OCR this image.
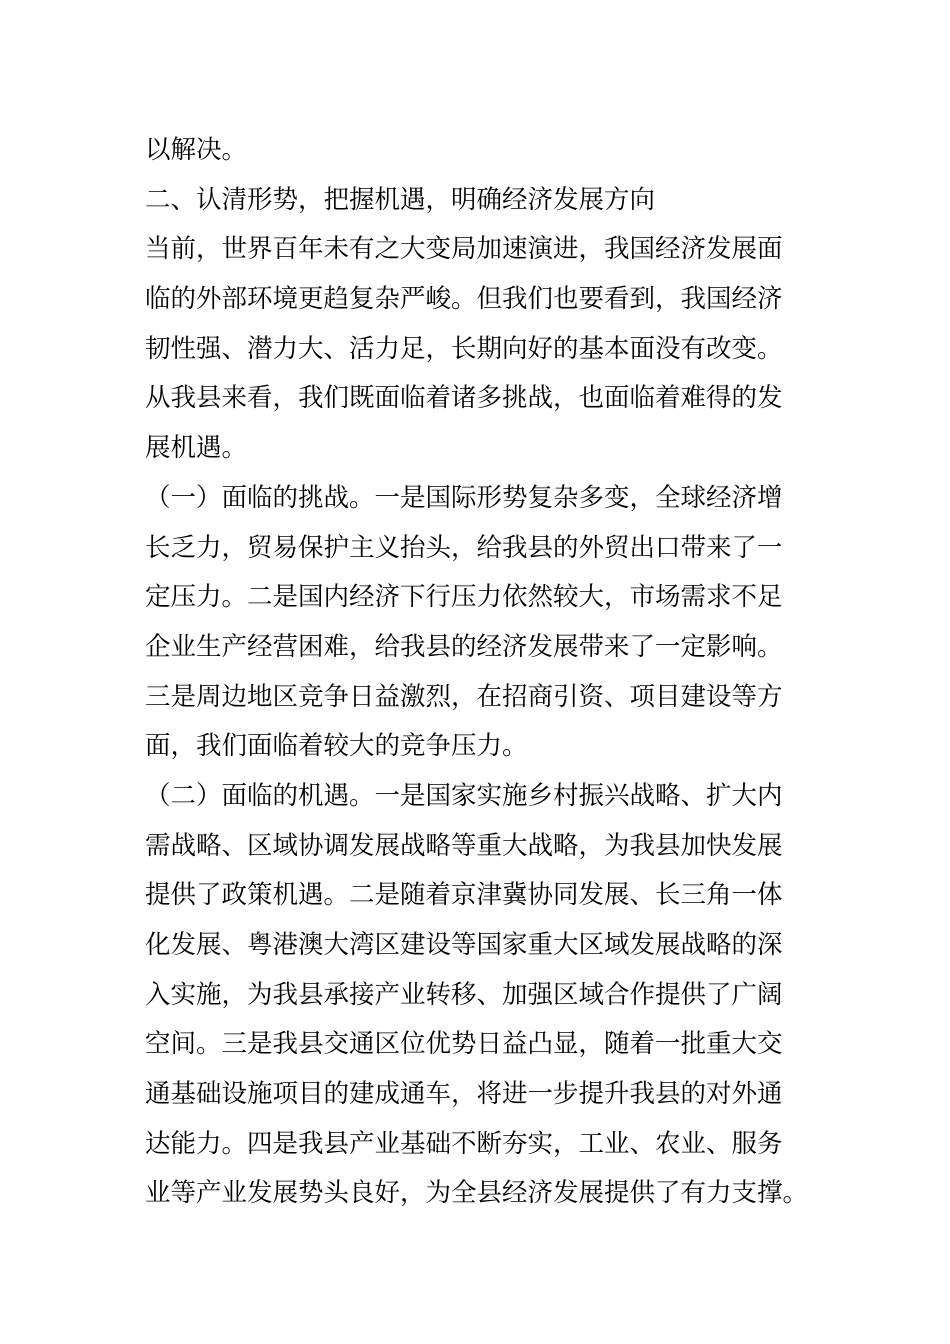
以解决。
二、认清形势，把握机遇，明确经济发展方向
当前，世界百年未有之大变局加速演进，我国经济发展面
临的外部环境更趋复杂严峻。但我们也要看到，我国经济
韧性强、潜力大、活力足，长期向好的基本面没有改变。
从我县来看，我们既面临着诸多挑战，也面临着难得的发
展机遇。
（一）面临的挑战。一是国际形势复杂多变，全球经济增
长乏力，贸易保护主义抬头，给我县的外贸出口带来了一
定压力。二是国内经济下行压力依然较大，市场需求不足
企业生产经营困难，给我县的经济发展带来了一定影响。
三是周边地区竞争日益激烈，在招商引资、项目建设等方
面，我们面临着较大的竞争压力。
（二）面临的机遇。一是国家实施乡村振兴战略、扩大内
需战略、区域协调发展战略等重大战略，为我县加快发展
提供了政策机遇。二是随着京津冀协同发展、长三角一体
化发展、粤港澳大湾区建设等国家重大区域发展战略的深
入实施，为我县承接产业转移、加强区域合作提供了广阔
空间。三是我县交通区位优势日益凸显，随着一批重大交
通基础设施项目的建成通车，将进一步提升我县的对外通
达能力。四是我县产业基础不断夯实，工业、农业、服务
业等产业发展势头良好，为全县经济发展提供了有力支撑。
